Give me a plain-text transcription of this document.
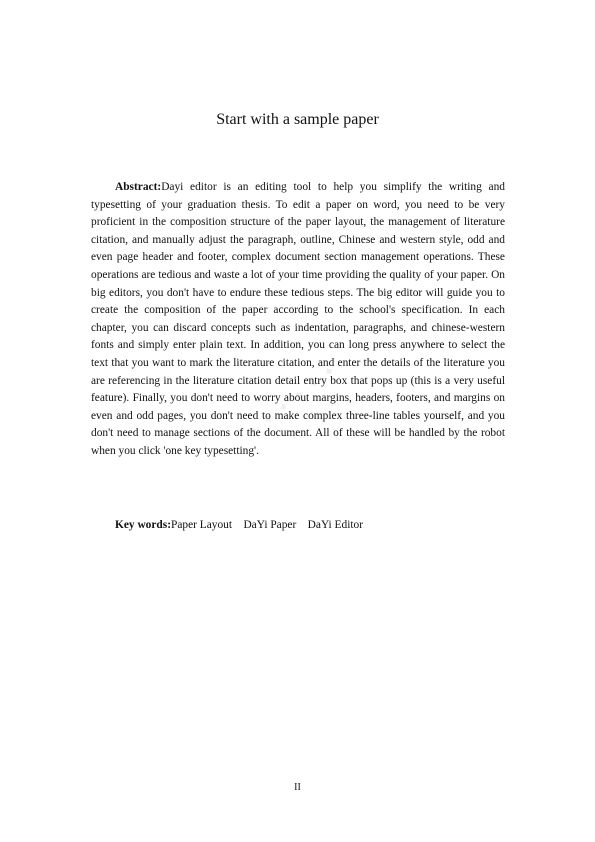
Start with a sample paper

Abstract:Dayi editor is an editing tool to help you simplify the writing and typesetting of your graduation thesis. To edit a paper on word, you need to be very proficient in the composition structure of the paper layout, the management of literature citation, and manually adjust the paragraph, outline, Chinese and western style, odd and even page header and footer, complex document section management operations. These operations are tedious and waste a lot of your time providing the quality of your paper. On big editors, you don't have to endure these tedious steps. The big editor will guide you to create the composition of the paper according to the school's specification. In each chapter, you can discard concepts such as indentation, paragraphs, and chinese-western fonts and simply enter plain text. In addition, you can long press anywhere to select the text that you want to mark the literature citation, and enter the details of the literature you are referencing in the literature citation detail entry box that pops up (this is a very useful feature). Finally, you don't need to worry about margins, headers, footers, and margins on even and odd pages, you don't need to make complex three-line tables yourself, and you don't need to manage sections of the document. All of these will be handled by the robot when you click 'one key typesetting'.

Key words:Paper Layout DaYi Paper DaYi Editor

✦ ✦ ✦ ✦ ✦ ✦
II
